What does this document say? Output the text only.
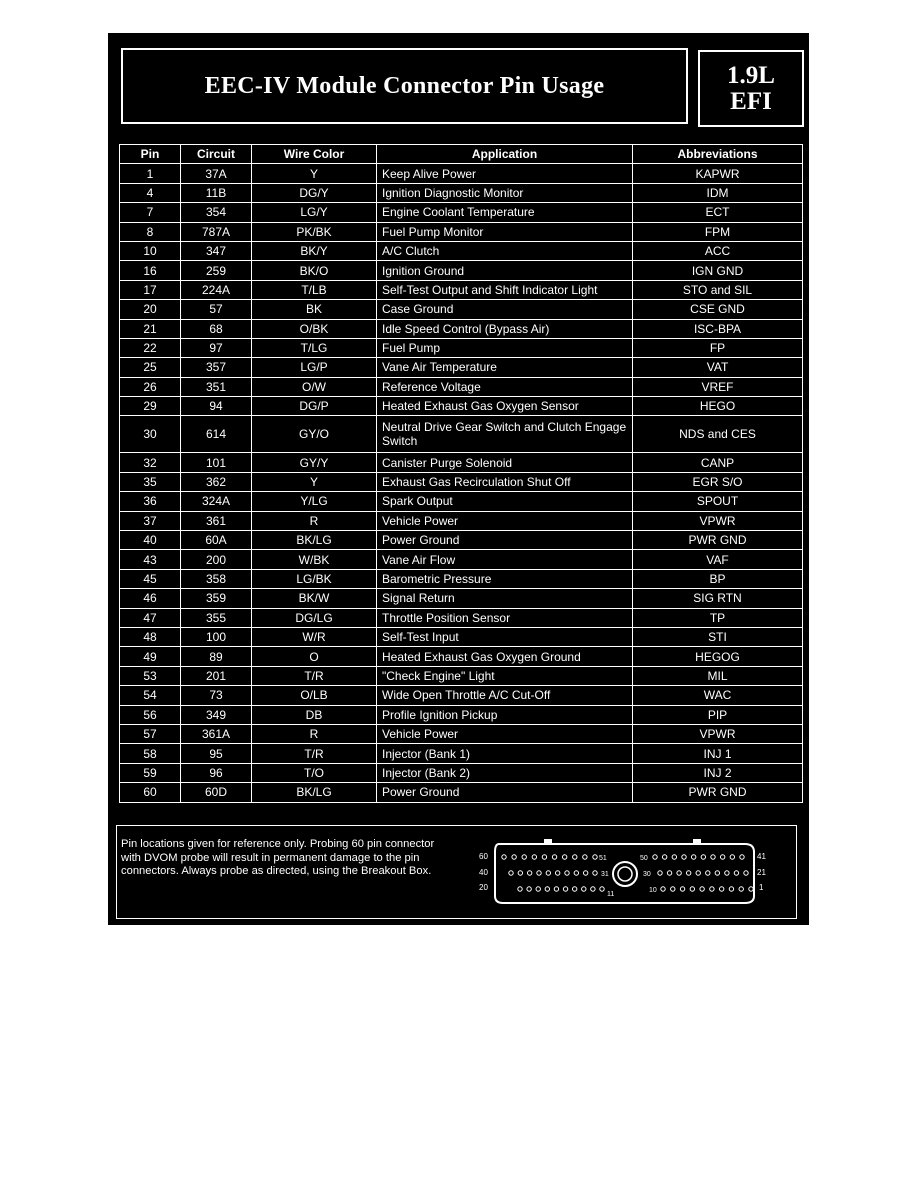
EEC-IV Module Connector Pin Usage	1.9L
EFI
Pin	Circuit	Wire Color	Application	Abbreviations
1	37A	Y	Keep Alive Power	KAPWR
4	11B	DG/Y	Ignition Diagnostic Monitor	IDM
7	354	LG/Y	Engine Coolant Temperature	ECT
8	787A	PK/BK	Fuel Pump Monitor	FPM
10	347	BK/Y	A/C Clutch	ACC
16	259	BK/O	Ignition Ground	IGN GND
17	224A	T/LB	Self-Test Output and Shift Indicator Light	STO and SIL
20	57	BK	Case Ground	CSE GND
21	68	O/BK	Idle Speed Control (Bypass Air)	ISC-BPA
22	97	T/LG	Fuel Pump	FP
25	357	LG/P	Vane Air Temperature	VAT
26	351	O/W	Reference Voltage	VREF
29	94	DG/P	Heated Exhaust Gas Oxygen Sensor	HEGO
30	614	GY/O	Neutral Drive Gear Switch and Clutch Engage Switch	NDS and CES
32	101	GY/Y	Canister Purge Solenoid	CANP
35	362	Y	Exhaust Gas Recirculation Shut Off	EGR S/O
36	324A	Y/LG	Spark Output	SPOUT
37	361	R	Vehicle Power	VPWR
40	60A	BK/LG	Power Ground	PWR GND
43	200	W/BK	Vane Air Flow	VAF
45	358	LG/BK	Barometric Pressure	BP
46	359	BK/W	Signal Return	SIG RTN
47	355	DG/LG	Throttle Position Sensor	TP
48	100	W/R	Self-Test Input	STI
49	89	O	Heated Exhaust Gas Oxygen Ground	HEGOG
53	201	T/R	"Check Engine" Light	MIL
54	73	O/LB	Wide Open Throttle A/C Cut-Off	WAC
56	349	DB	Profile Ignition Pickup	PIP
57	361A	R	Vehicle Power	VPWR
58	95	T/R	Injector (Bank 1)	INJ 1
59	96	T/O	Injector (Bank 2)	INJ 2
60	60D	BK/LG	Power Ground	PWR GND
Pin locations given for reference only. Probing 60 pin connector with DVOM probe will result in permanent damage to the pin connectors. Always probe as directed, using the Breakout Box.
60
40
20
41
21
1
51	50
31	30
11
10
